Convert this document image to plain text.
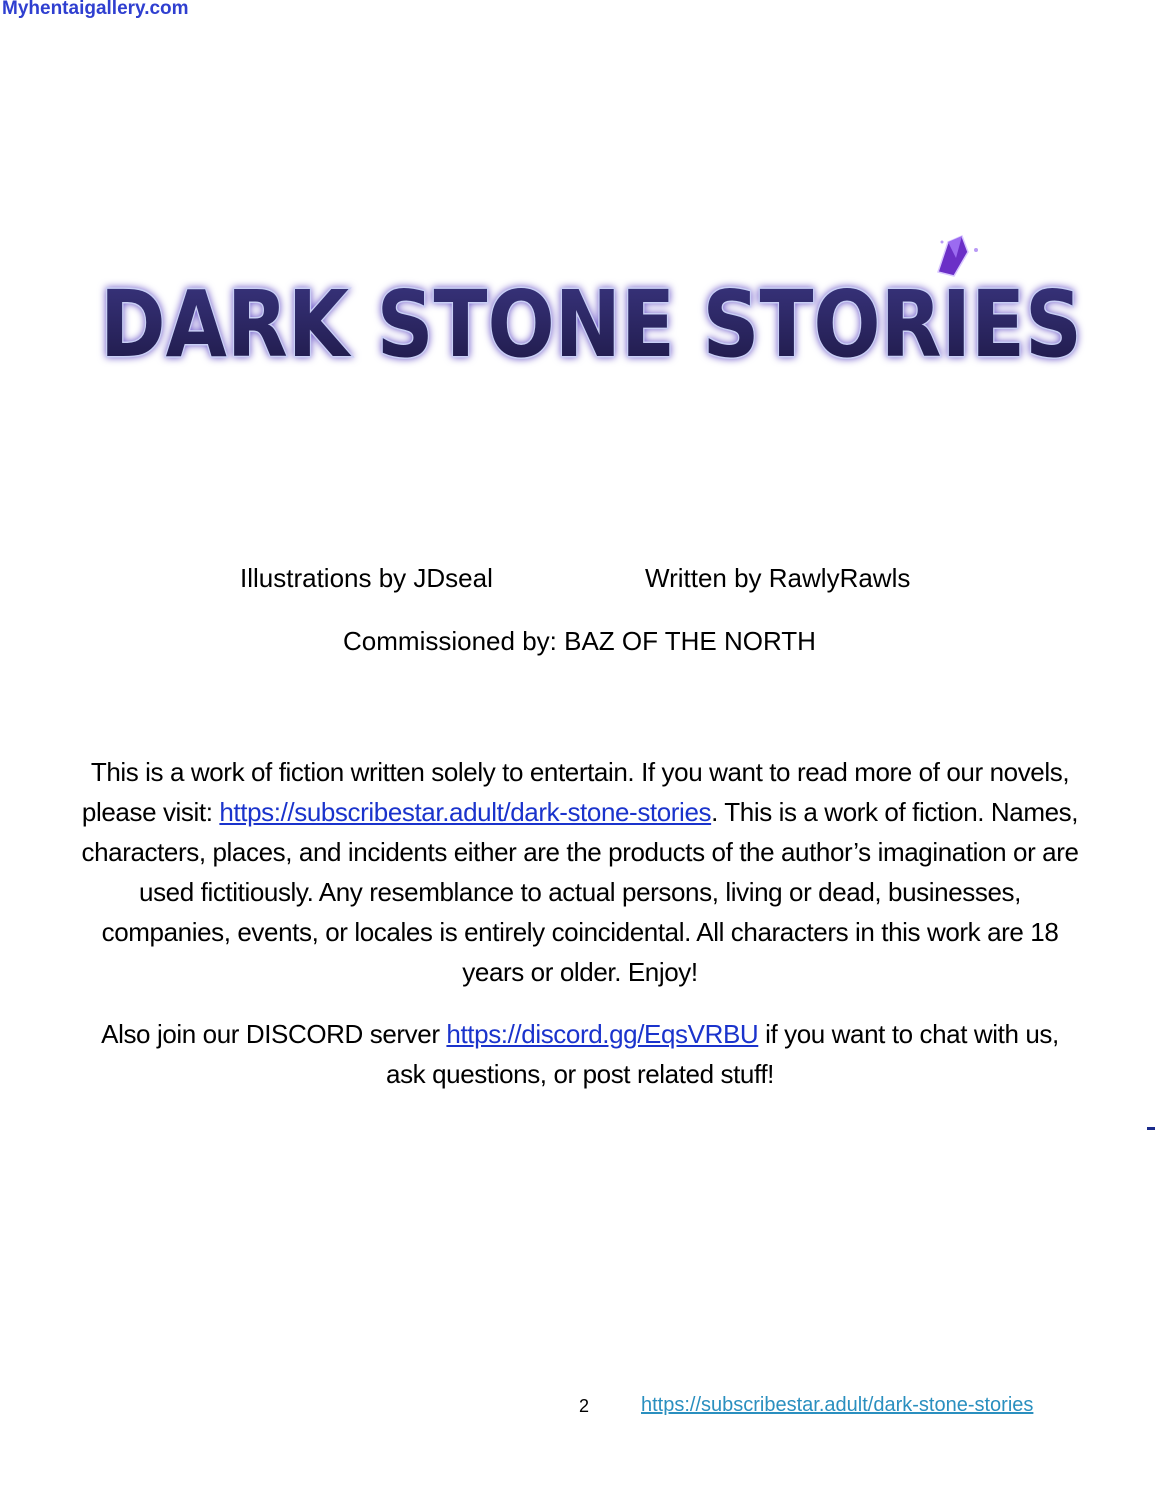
Myhentaigallery.com
DARK STONE STORIES
Illustrations by JDseal	Written by RawlyRawls
Commissioned by: BAZ OF THE NORTH
This is a work of fiction written solely to entertain. If you want to read more of our novels, please visit: https://subscribestar.adult/dark-stone-stories. This is a work of fiction. Names, characters, places, and incidents either are the products of the author’s imagination or are used fictitiously. Any resemblance to actual persons, living or dead, businesses, companies, events, or locales is entirely coincidental. All characters in this work are 18 years or older. Enjoy!
Also join our DISCORD server https://discord.gg/EqsVRBU if you want to chat with us, ask questions, or post related stuff!
2	https://subscribestar.adult/dark-stone-stories
